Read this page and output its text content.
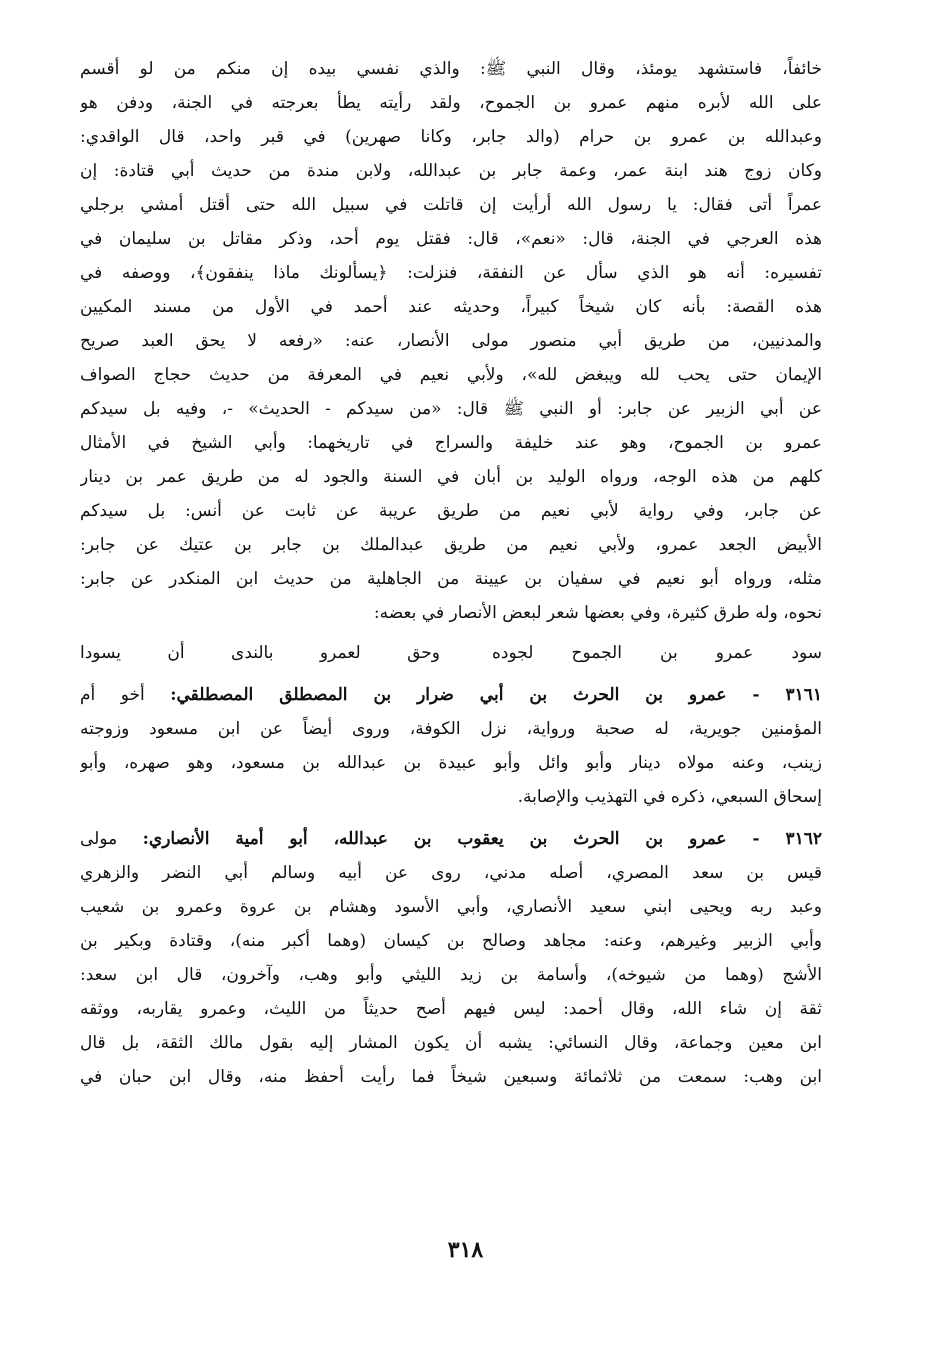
خائفاً، فاستشهد يومئذ، وقال النبي ﷺ: والذي نفسي بيده إن منكم من لو أقسم
على الله لأبره منهم عمرو بن الجموح، ولقد رأيته يطأ بعرجته في الجنة، ودفن هو
وعبدالله بن عمرو بن حرام (والد جابر، وكانا صهرين) في قبر واحد، قال الواقدي:
وكان زوج هند ابنة عمر، وعمة جابر بن عبدالله، ولابن مندة من حديث أبي قتادة: إن
عمراً أتى فقال: يا رسول الله أرأيت إن قاتلت في سبيل الله حتى أقتل أمشي برجلي
هذه العرجي في الجنة، قال: «نعم»، قال: فقتل يوم أحد، وذكر مقاتل بن سليمان في
تفسيره: أنه هو الذي سأل عن النفقة، فنزلت: ﴿يسألونك ماذا ينفقون﴾، ووصفه في
هذه القصة: بأنه كان شيخاً كبيراً، وحديثه عند أحمد في الأول من مسند المكيين
والمدنيين، من طريق أبي منصور مولى الأنصار، عنه: «رفعه لا يحق العبد صريح
الإيمان حتى يحب لله ويبغض لله»، ولأبي نعيم في المعرفة من حديث حجاج الصواف
عن أبي الزبير عن جابر: أو النبي ﷺ قال: «من سيدكم - الحديث» -، وفيه بل سيدكم
عمرو بن الجموح، وهو عند خليفة والسراج في تاريخهما: وأبي الشيخ في الأمثال
كلهم من هذه الوجه، ورواه الوليد بن أبان في السنة والجود له من طريق عمر بن دينار
عن جابر، وفي رواية لأبي نعيم من طريق عريبة عن ثابت عن أنس: بل سيدكم
الأبيض الجعد عمرو، ولأبي نعيم من طريق عبدالملك بن جابر بن عتيك عن جابر:
مثله، ورواه أبو نعيم في سفيان بن عيينة من الجاهلية من حديث ابن المنكدر عن جابر:
نحوه، وله طرق كثيرة، وفي بعضها شعر لبعض الأنصار في بعضه:
سود عمرو بن الجموح لجوده
وحق لعمرو بالندى أن يسودا
٣١٦١ - عمرو بن الحرث بن أبي ضرار بن المصطلق المصطلقي: أخو أم
المؤمنين جويرية، له صحبة ورواية، نزل الكوفة، وروى أيضاً عن ابن مسعود وزوجته
زينب، وعنه مولاه دينار وأبو وائل وأبو عبيدة بن عبدالله بن مسعود، وهو صهره، وأبو
إسحاق السبعي، ذكره في التهذيب والإصابة.
٣١٦٢ - عمرو بن الحرث بن يعقوب بن عبدالله، أبو أمية الأنصاري: مولى
قيس بن سعد المصري، أصله مدني، روى عن أبيه وسالم أبي النضر والزهري
وعبد ربه ويحيى ابني سعيد الأنصاري، وأبي الأسود وهشام بن عروة وعمرو بن شعيب
وأبي الزبير وغيرهم، وعنه: مجاهد وصالح بن كيسان (وهما أكبر منه)، وقتادة وبكير بن
الأشج (وهما من شيوخه)، وأسامة بن زيد الليثي وأبو وهب، وآخرون، قال ابن سعد:
ثقة إن شاء الله، وقال أحمد: ليس فيهم أصح حديثاً من الليث، وعمرو يقاربه، ووثقه
ابن معين وجماعة، وقال النسائي: يشبه أن يكون المشار إليه بقول مالك الثقة، بل قال
ابن وهب: سمعت من ثلاثمائة وسبعين شيخاً فما رأيت أحفظ منه، وقال ابن حبان في
٣١٨
